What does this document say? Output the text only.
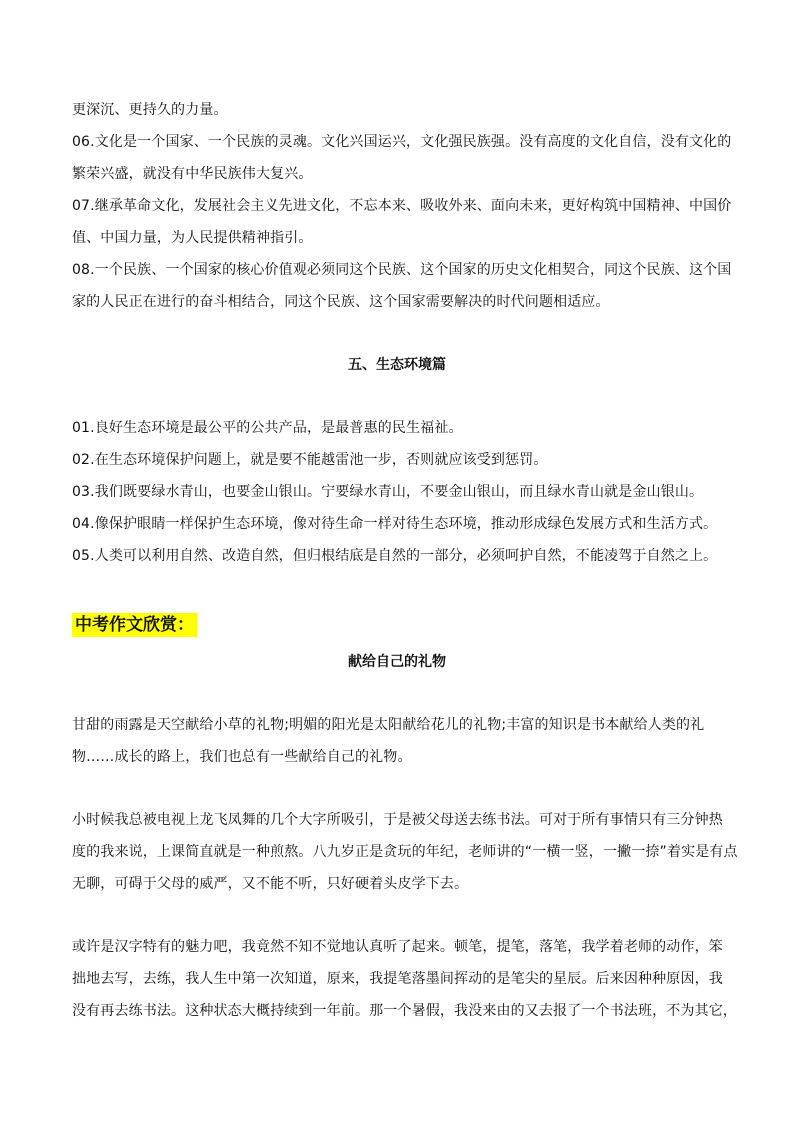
更深沉、更持久的力量。
06.文化是一个国家、一个民族的灵魂。文化兴国运兴，文化强民族强。没有高度的文化自信，没有文化的
繁荣兴盛，就没有中华民族伟大复兴。
07.继承革命文化，发展社会主义先进文化，不忘本来、吸收外来、面向未来，更好构筑中国精神、中国价
值、中国力量，为人民提供精神指引。
08.一个民族、一个国家的核心价值观必须同这个民族、这个国家的历史文化相契合，同这个民族、这个国
家的人民正在进行的奋斗相结合，同这个民族、这个国家需要解决的时代问题相适应。
五、生态环境篇
01.良好生态环境是最公平的公共产品，是最普惠的民生福祉。
02.在生态环境保护问题上，就是要不能越雷池一步，否则就应该受到惩罚。
03.我们既要绿水青山，也要金山银山。宁要绿水青山，不要金山银山，而且绿水青山就是金山银山。
04.像保护眼睛一样保护生态环境，像对待生命一样对待生态环境，推动形成绿色发展方式和生活方式。
05.人类可以利用自然、改造自然，但归根结底是自然的一部分，必须呵护自然，不能凌驾于自然之上。
中考作文欣赏：
献给自己的礼物
甘甜的雨露是天空献给小草的礼物;明媚的阳光是太阳献给花儿的礼物;丰富的知识是书本献给人类的礼
物……成长的路上，我们也总有一些献给自己的礼物。
小时候我总被电视上龙飞凤舞的几个大字所吸引，于是被父母送去练书法。可对于所有事情只有三分钟热
度的我来说，上课简直就是一种煎熬。八九岁正是贪玩的年纪，老师讲的“一横一竖，一撇一捺”着实是有点
无聊，可碍于父母的威严，又不能不听，只好硬着头皮学下去。
或许是汉字特有的魅力吧，我竟然不知不觉地认真听了起来。顿笔，提笔，落笔，我学着老师的动作，笨
拙地去写，去练，我人生中第一次知道，原来，我提笔落墨间挥动的是笔尖的星辰。后来因种种原因，我
没有再去练书法。这种状态大概持续到一年前。那一个暑假，我没来由的又去报了一个书法班，不为其它，
